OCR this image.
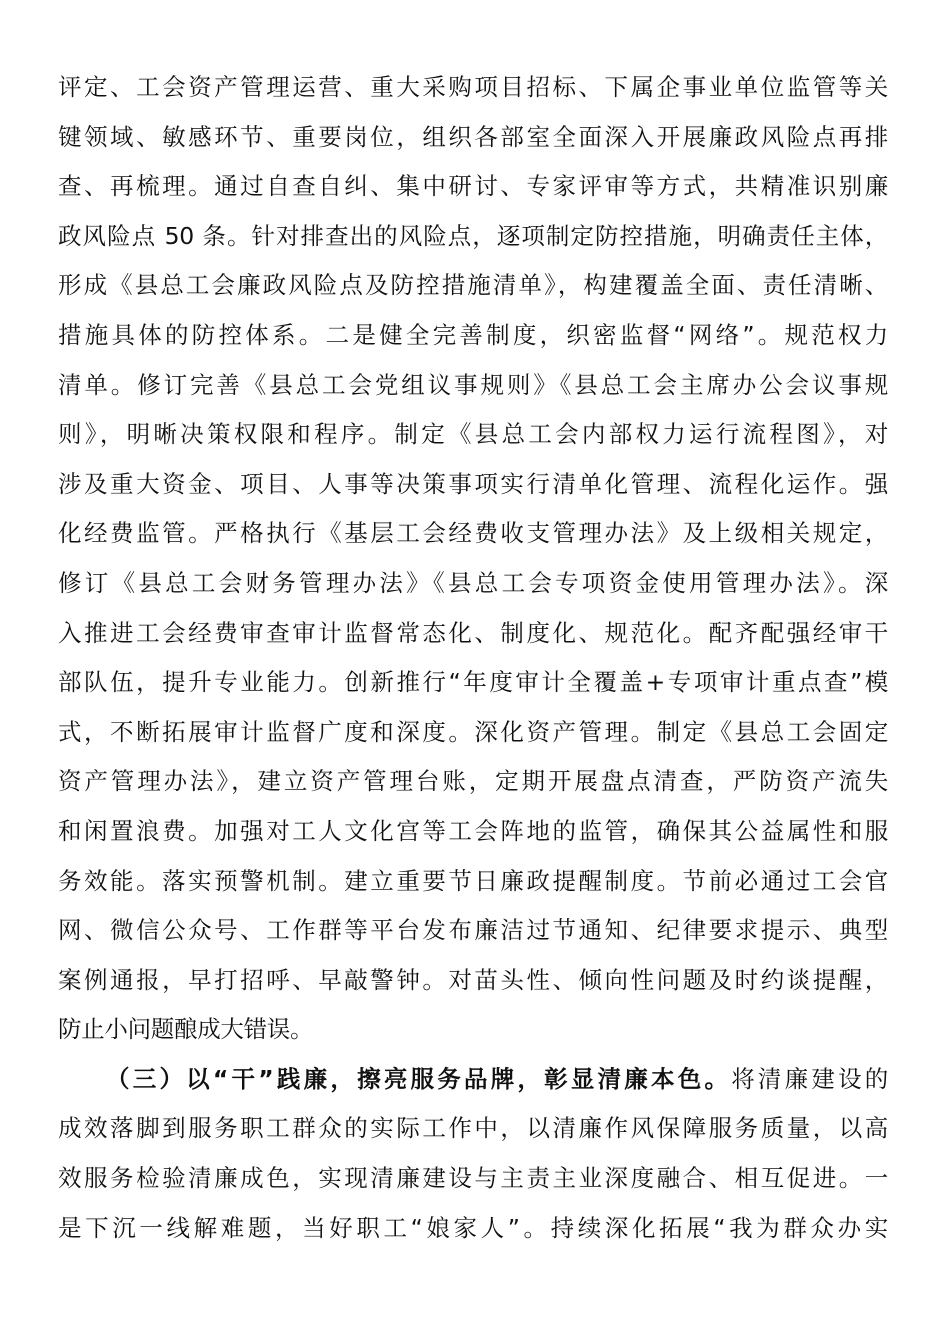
评定、工会资产管理运营、重大采购项目招标、下属企事业单位监管等关
键领域、敏感环节、重要岗位，组织各部室全面深入开展廉政风险点再排
查、再梳理。通过自查自纠、集中研讨、专家评审等方式，共精准识别廉
政风险点 50 条。针对排查出的风险点，逐项制定防控措施，明确责任主体，
形成《县总工会廉政风险点及防控措施清单》，构建覆盖全面、责任清晰、
措施具体的防控体系。二是健全完善制度，织密监督“网络”。规范权力
清单。修订完善《县总工会党组议事规则》《县总工会主席办公会议事规
则》，明晰决策权限和程序。制定《县总工会内部权力运行流程图》，对
涉及重大资金、项目、人事等决策事项实行清单化管理、流程化运作。强
化经费监管。严格执行《基层工会经费收支管理办法》及上级相关规定，
修订《县总工会财务管理办法》《县总工会专项资金使用管理办法》。深
入推进工会经费审查审计监督常态化、制度化、规范化。配齐配强经审干
部队伍，提升专业能力。创新推行“年度审计全覆盖+专项审计重点查”模
式，不断拓展审计监督广度和深度。深化资产管理。制定《县总工会固定
资产管理办法》，建立资产管理台账，定期开展盘点清查，严防资产流失
和闲置浪费。加强对工人文化宫等工会阵地的监管，确保其公益属性和服
务效能。落实预警机制。建立重要节日廉政提醒制度。节前必通过工会官
网、微信公众号、工作群等平台发布廉洁过节通知、纪律要求提示、典型
案例通报，早打招呼、早敲警钟。对苗头性、倾向性问题及时约谈提醒，
防止小问题酿成大错误。
（三）以“干”践廉，擦亮服务品牌，彰显清廉本色。将清廉建设的
成效落脚到服务职工群众的实际工作中，以清廉作风保障服务质量，以高
效服务检验清廉成色，实现清廉建设与主责主业深度融合、相互促进。一
是下沉一线解难题，当好职工“娘家人”。持续深化拓展“我为群众办实
